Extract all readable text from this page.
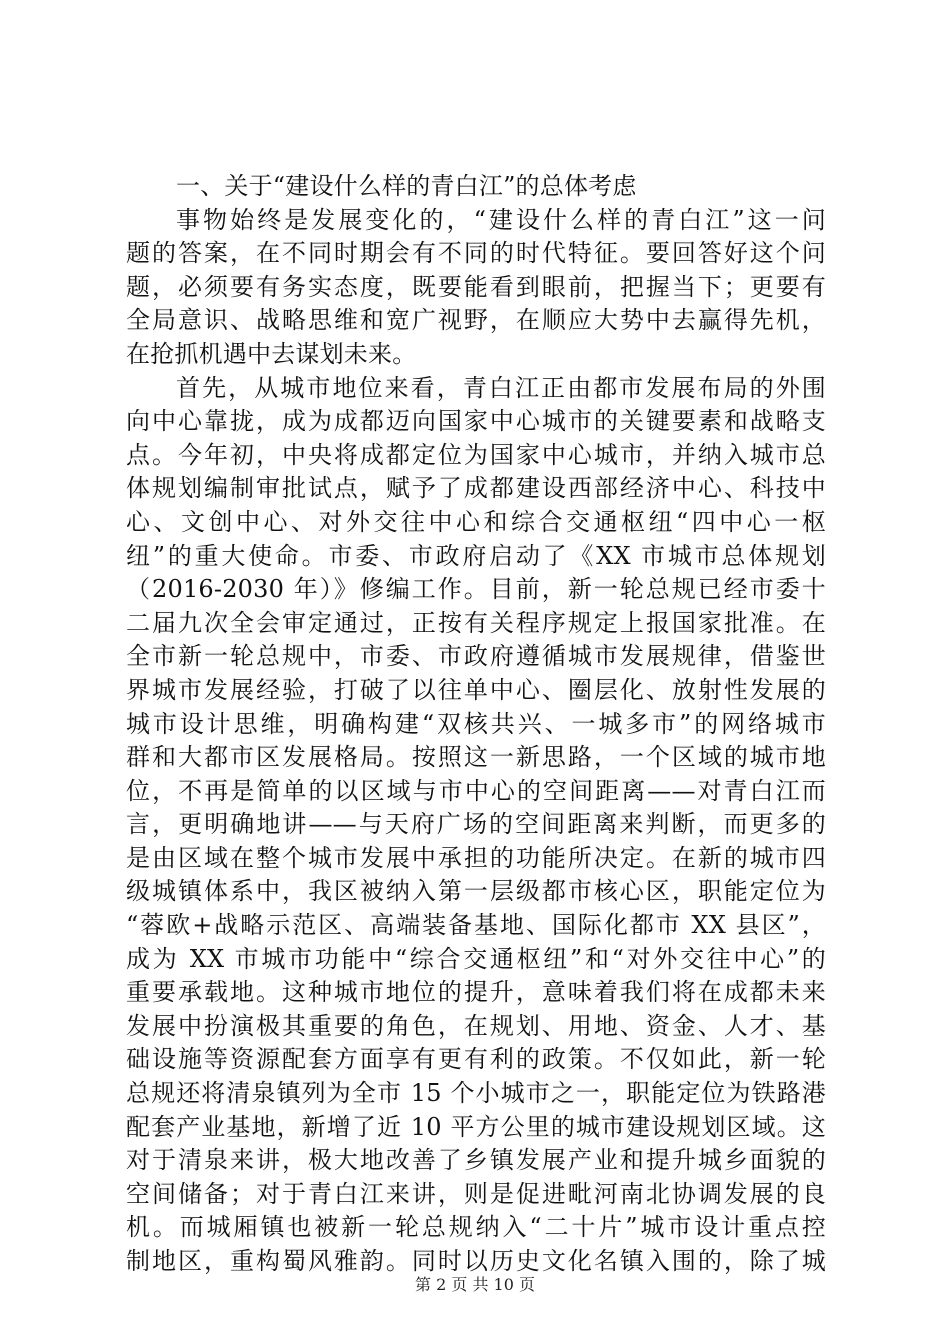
一、关于“建设什么样的青白江”的总体考虑
事物始终是发展变化的，“建设什么样的青白江”这一问
题的答案，在不同时期会有不同的时代特征。要回答好这个问
题，必须要有务实态度，既要能看到眼前，把握当下；更要有
全局意识、战略思维和宽广视野，在顺应大势中去赢得先机，
在抢抓机遇中去谋划未来。
首先，从城市地位来看，青白江正由都市发展布局的外围
向中心靠拢，成为成都迈向国家中心城市的关键要素和战略支
点。今年初，中央将成都定位为国家中心城市，并纳入城市总
体规划编制审批试点，赋予了成都建设西部经济中心、科技中
心、文创中心、对外交往中心和综合交通枢纽“四中心一枢
纽”的重大使命。市委、市政府启动了《XX 市城市总体规划
（2016-2030 年）》修编工作。目前，新一轮总规已经市委十
二届九次全会审定通过，正按有关程序规定上报国家批准。在
全市新一轮总规中，市委、市政府遵循城市发展规律，借鉴世
界城市发展经验，打破了以往单中心、圈层化、放射性发展的
城市设计思维，明确构建“双核共兴、一城多市”的网络城市
群和大都市区发展格局。按照这一新思路，一个区域的城市地
位，不再是简单的以区域与市中心的空间距离——对青白江而
言，更明确地讲——与天府广场的空间距离来判断，而更多的
是由区域在整个城市发展中承担的功能所决定。在新的城市四
级城镇体系中，我区被纳入第一层级都市核心区，职能定位为
“蓉欧+战略示范区、高端装备基地、国际化都市 XX 县区”，
成为 XX 市城市功能中“综合交通枢纽”和“对外交往中心”的
重要承载地。这种城市地位的提升，意味着我们将在成都未来
发展中扮演极其重要的角色，在规划、用地、资金、人才、基
础设施等资源配套方面享有更有利的政策。不仅如此，新一轮
总规还将清泉镇列为全市 15 个小城市之一，职能定位为铁路港
配套产业基地，新增了近 10 平方公里的城市建设规划区域。这
对于清泉来讲，极大地改善了乡镇发展产业和提升城乡面貌的
空间储备；对于青白江来讲，则是促进毗河南北协调发展的良
机。而城厢镇也被新一轮总规纳入“二十片”城市设计重点控
制地区，重构蜀风雅韵。同时以历史文化名镇入围的，除了城
第 2 页 共 10 页
